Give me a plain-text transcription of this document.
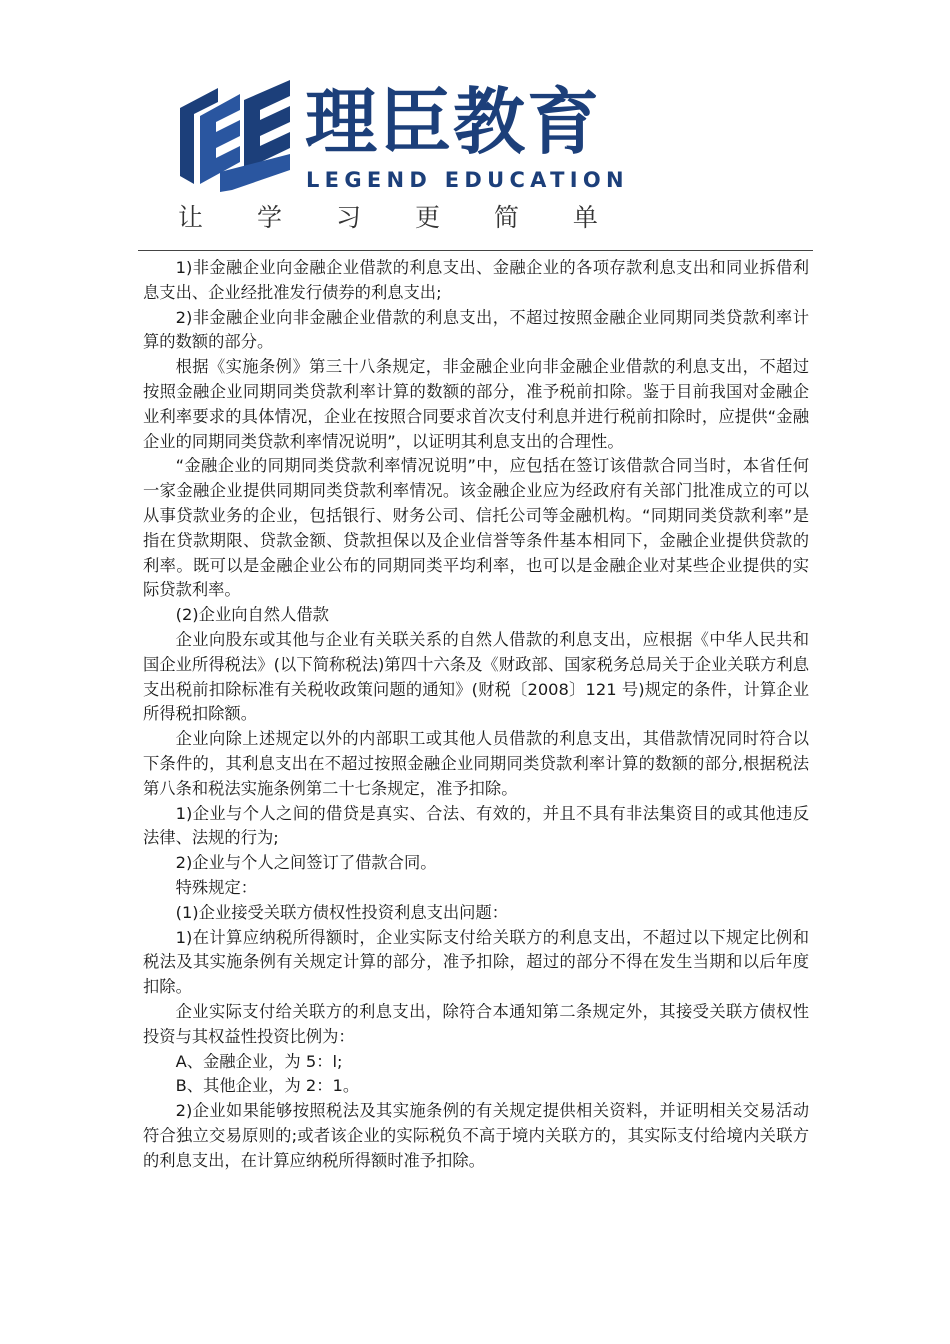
理臣教育
LEGEND EDUCATION
让 学 习 更 简 单

1)非金融企业向金融企业借款的利息支出、金融企业的各项存款利息支出和同业拆借利息支出、企业经批准发行债券的利息支出;

2)非金融企业向非金融企业借款的利息支出，不超过按照金融企业同期同类贷款利率计算的数额的部分。

根据《实施条例》第三十八条规定，非金融企业向非金融企业借款的利息支出，不超过按照金融企业同期同类贷款利率计算的数额的部分，准予税前扣除。鉴于目前我国对金融企业利率要求的具体情况，企业在按照合同要求首次支付利息并进行税前扣除时，应提供“金融企业的同期同类贷款利率情况说明”，以证明其利息支出的合理性。

“金融企业的同期同类贷款利率情况说明”中，应包括在签订该借款合同当时，本省任何一家金融企业提供同期同类贷款利率情况。该金融企业应为经政府有关部门批准成立的可以从事贷款业务的企业，包括银行、财务公司、信托公司等金融机构。“同期同类贷款利率”是指在贷款期限、贷款金额、贷款担保以及企业信誉等条件基本相同下，金融企业提供贷款的利率。既可以是金融企业公布的同期同类平均利率，也可以是金融企业对某些企业提供的实际贷款利率。

(2)企业向自然人借款

企业向股东或其他与企业有关联关系的自然人借款的利息支出，应根据《中华人民共和国企业所得税法》(以下简称税法)第四十六条及《财政部、国家税务总局关于企业关联方利息支出税前扣除标准有关税收政策问题的通知》(财税〔2008〕121 号)规定的条件，计算企业所得税扣除额。

企业向除上述规定以外的内部职工或其他人员借款的利息支出，其借款情况同时符合以下条件的，其利息支出在不超过按照金融企业同期同类贷款利率计算的数额的部分,根据税法第八条和税法实施条例第二十七条规定，准予扣除。

1)企业与个人之间的借贷是真实、合法、有效的，并且不具有非法集资目的或其他违反法律、法规的行为;

2)企业与个人之间签订了借款合同。

特殊规定：

(1)企业接受关联方债权性投资利息支出问题：

1)在计算应纳税所得额时，企业实际支付给关联方的利息支出，不超过以下规定比例和税法及其实施条例有关规定计算的部分，准予扣除，超过的部分不得在发生当期和以后年度扣除。

企业实际支付给关联方的利息支出，除符合本通知第二条规定外，其接受关联方债权性投资与其权益性投资比例为：

A、金融企业，为 5：l;

B、其他企业，为 2：1。

2)企业如果能够按照税法及其实施条例的有关规定提供相关资料，并证明相关交易活动符合独立交易原则的;或者该企业的实际税负不高于境内关联方的，其实际支付给境内关联方的利息支出，在计算应纳税所得额时准予扣除。
